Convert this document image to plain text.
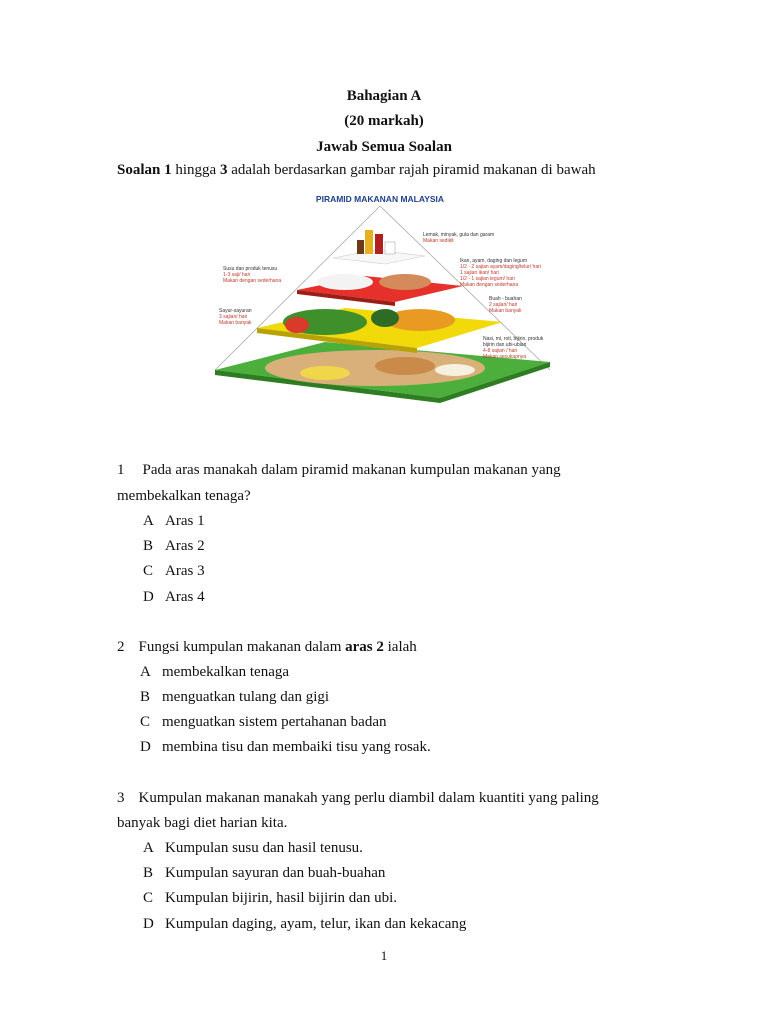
Bahagian A
(20 markah)
Jawab Semua Soalan
Soalan 1 hingga 3 adalah berdasarkan gambar rajah piramid makanan di bawah
PIRAMID MAKANAN MALAYSIA
Lemak, minyak, gula dan garam
Makan sedikit
Susu dan produk tenusu
1-3 saji/ hari
Makan dengan sederhana
Ikan, ayam, daging dan legum
1/2 - 2 sajian ayam/daging/telur/ hari
1 sajian ikan/ hari
1/2 - 1 sajian legum/ hari
Makan dengan sederhana
Sayur-sayuran
3 sajian/ hari
Makan banyak
Buah - buahan
2 sajian/ hari
Makan banyak
Nasi, mi, roti, bijirin, produk
bijirin dan ubi-ubian
4-8 sajian / hari
Makan secukupnya
1 Pada aras manakah dalam piramid makanan kumpulan makanan yang
membekalkan tenaga?
A Aras 1
B Aras 2
C Aras 3
D Aras 4
2 Fungsi kumpulan makanan dalam aras 2 ialah
A membekalkan tenaga
B menguatkan tulang dan gigi
C menguatkan sistem pertahanan badan
D membina tisu dan membaiki tisu yang rosak.
3 Kumpulan makanan manakah yang perlu diambil dalam kuantiti yang paling
banyak bagi diet harian kita.
A Kumpulan susu dan hasil tenusu.
B Kumpulan sayuran dan buah-buahan
C Kumpulan bijirin, hasil bijirin dan ubi.
D Kumpulan daging, ayam, telur, ikan dan kekacang
1
